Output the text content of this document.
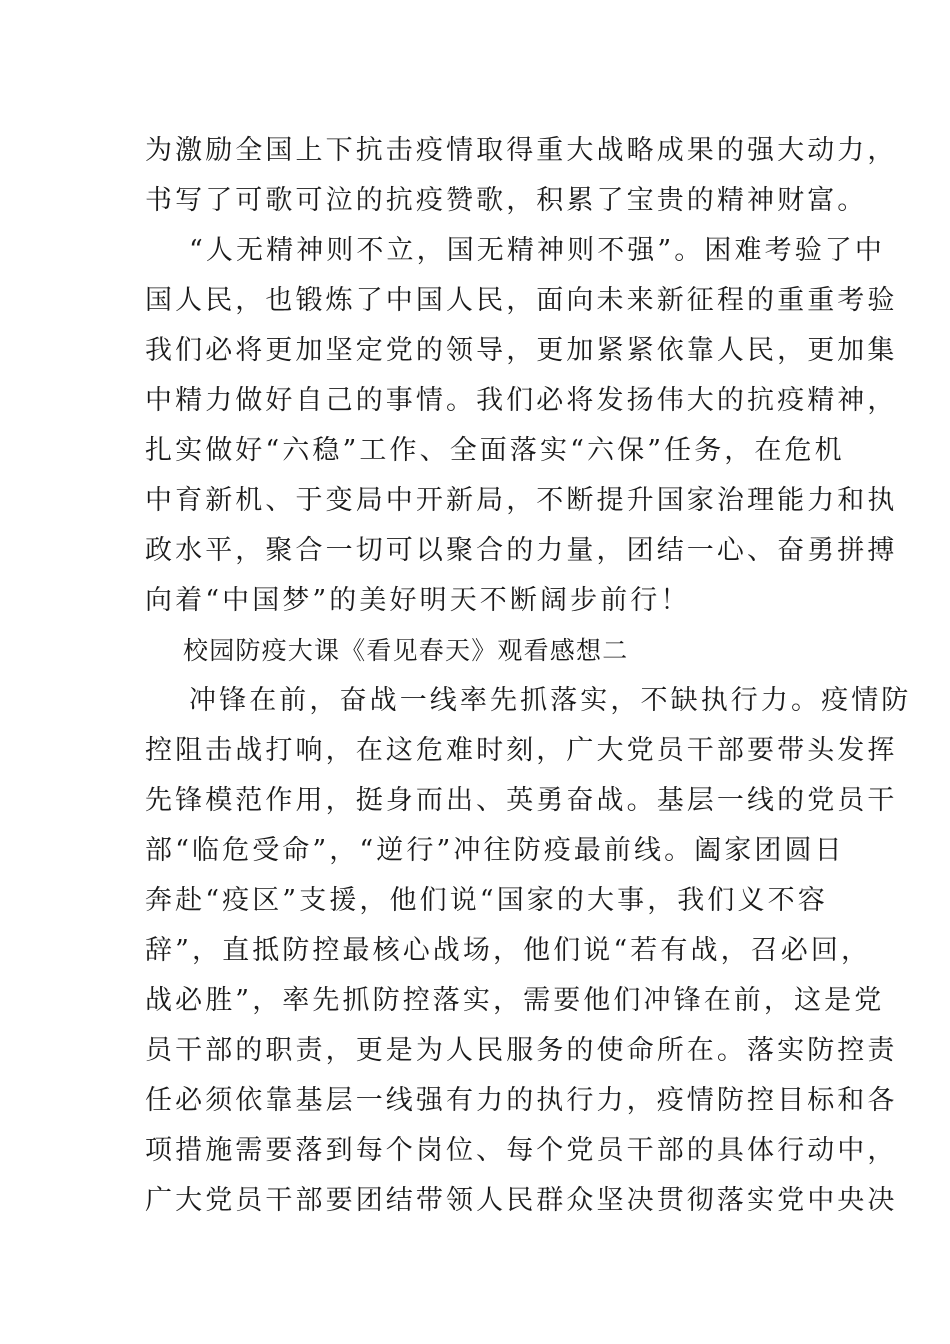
为激励全国上下抗击疫情取得重大战略成果的强大动力，
书写了可歌可泣的抗疫赞歌，积累了宝贵的精神财富。
“人无精神则不立，国无精神则不强”。困难考验了中
国人民，也锻炼了中国人民，面向未来新征程的重重考验
我们必将更加坚定党的领导，更加紧紧依靠人民，更加集
中精力做好自己的事情。我们必将发扬伟大的抗疫精神，
扎实做好“六稳”工作、全面落实“六保”任务，在危机
中育新机、于变局中开新局，不断提升国家治理能力和执
政水平，聚合一切可以聚合的力量，团结一心、奋勇拼搏
向着“中国梦”的美好明天不断阔步前行！
校园防疫大课《看见春天》观看感想二
冲锋在前，奋战一线率先抓落实，不缺执行力。疫情防
控阻击战打响，在这危难时刻，广大党员干部要带头发挥
先锋模范作用，挺身而出、英勇奋战。基层一线的党员干
部“临危受命”，“逆行”冲往防疫最前线。阖家团圆日
奔赴“疫区”支援，他们说“国家的大事，我们义不容
辞”，直抵防控最核心战场，他们说“若有战，召必回，
战必胜”，率先抓防控落实，需要他们冲锋在前，这是党
员干部的职责，更是为人民服务的使命所在。落实防控责
任必须依靠基层一线强有力的执行力，疫情防控目标和各
项措施需要落到每个岗位、每个党员干部的具体行动中，
广大党员干部要团结带领人民群众坚决贯彻落实党中央决
